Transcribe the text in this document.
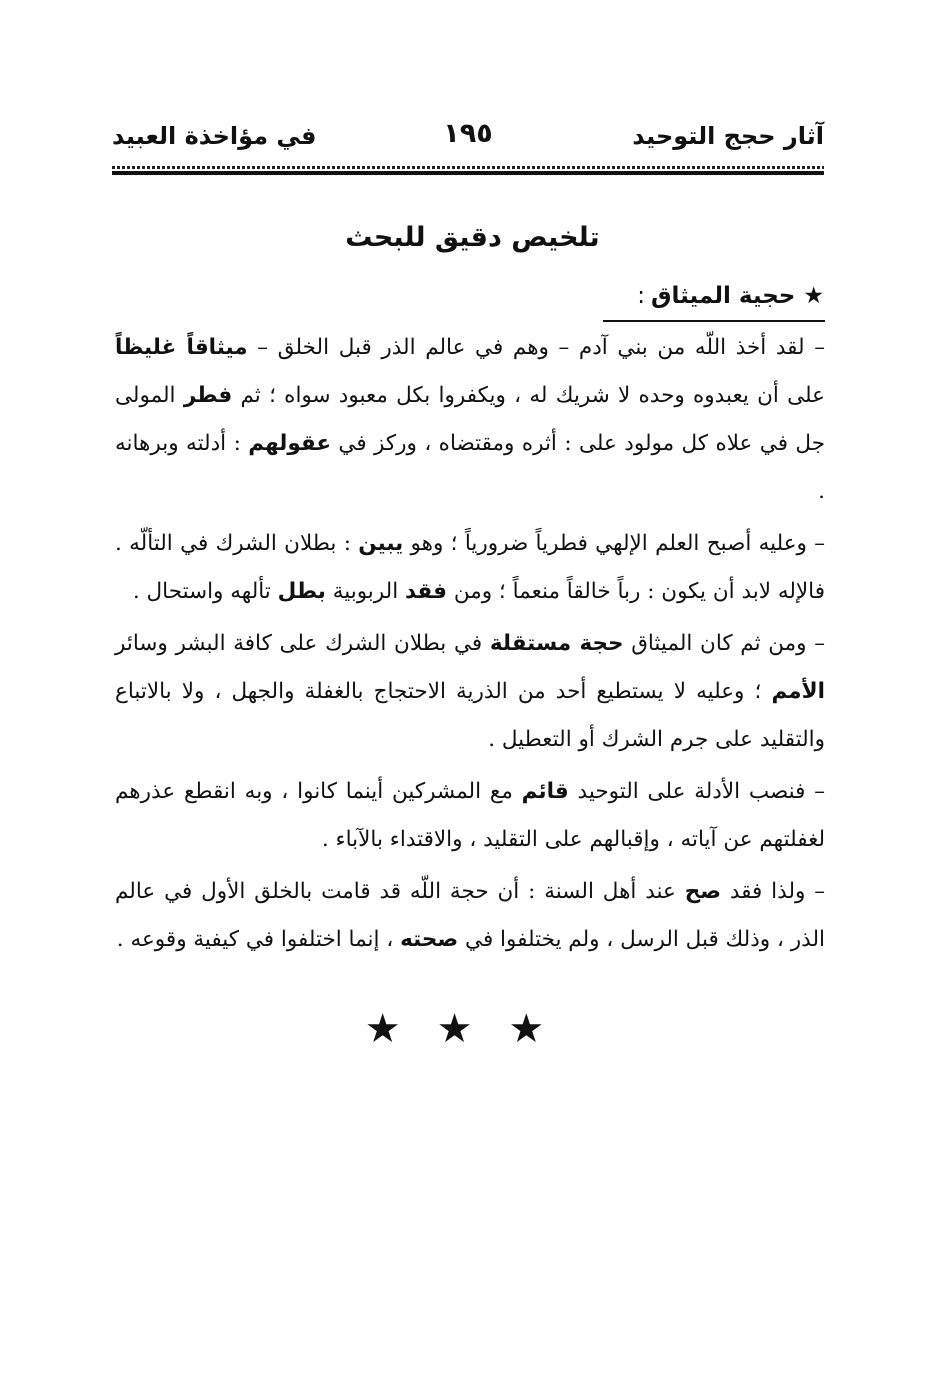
آثار حجج التوحيد
١٩٥
في مؤاخذة العبيد
تلخيص دقيق للبحث
★حجية الميثاق:

– لقد أخذ اللّه من بني آدم – وهم في عالم الذر قبل الخلق – ميثاقاً غليظاً على أن يعبدوه وحده لا شريك له ، ويكفروا بكل معبود سواه ؛ ثم فطر المولى جل في علاه كل مولود على : أثره ومقتضاه ، وركز في عقولهم : أدلته وبرهانه .

– وعليه أصبح العلم الإلهي فطرياً ضرورياً ؛ وهو يبين : بطلان الشرك في التألّه . فالإله لابد أن يكون : رباً خالقاً منعماً ؛ ومن فقد الربوبية بطل تألهه واستحال .

– ومن ثم كان الميثاق حجة مستقلة في بطلان الشرك على كافة البشر وسائر الأمم ؛ وعليه لا يستطيع أحد من الذرية الاحتجاج بالغفلة والجهل ، ولا بالاتباع والتقليد على جرم الشرك أو التعطيل .

– فنصب الأدلة على التوحيد قائم مع المشركين أينما كانوا ، وبه انقطع عذرهم لغفلتهم عن آياته ، وإقبالهم على التقليد ، والاقتداء بالآباء .

– ولذا فقد صح عند أهل السنة : أن حجة اللّه قد قامت بالخلق الأول في عالم الذر ، وذلك قبل الرسل ، ولم يختلفوا في صحته ، إنما اختلفوا في كيفية وقوعه .

★★★
